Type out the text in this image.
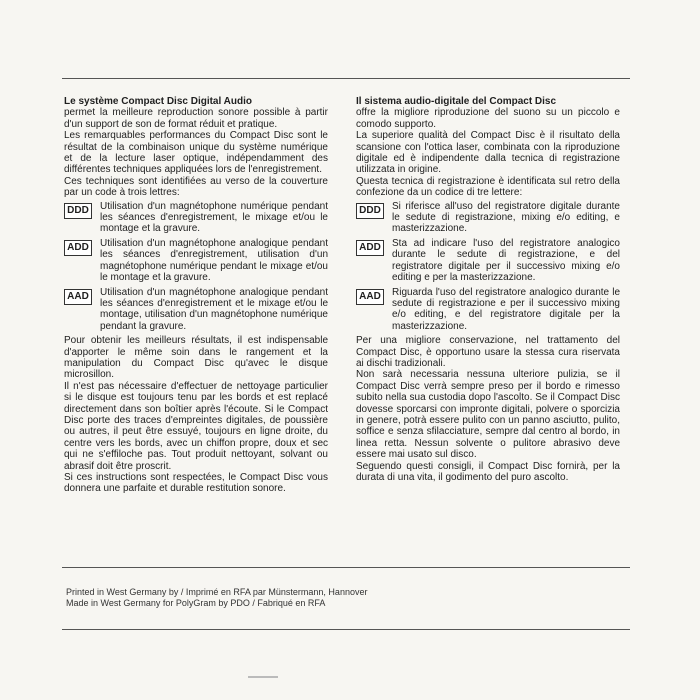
Le système Compact Disc Digital Audio

permet la meilleure reproduction sonore possible à partir d'un support de son de format réduit et pratique.

Les remarquables performances du Compact Disc sont le résultat de la combinaison unique du système numérique et de la lecture laser optique, indépendamment des différentes techniques appliquées lors de l'enregistrement.

Ces techniques sont identifiées au verso de la couverture par un code à trois lettres:

DDD	Utilisation d'un magnétophone numérique pendant les séances d'enregistrement, le mixage et/ou le montage et la gravure.
ADD	Utilisation d'un magnétophone analogique pendant les séances d'enregistrement, utilisation d'un magnétophone numérique pendant le mixage et/ou le montage et la gravure.
AAD	Utilisation d'un magnétophone analogique pendant les séances d'enregistrement et le mixage et/ou le montage, utilisation d'un magnétophone numérique pendant la gravure.

Pour obtenir les meilleurs résultats, il est indispensable d'apporter le même soin dans le rangement et la manipulation du Compact Disc qu'avec le disque microsillon.

Il n'est pas nécessaire d'effectuer de nettoyage particulier si le disque est toujours tenu par les bords et est replacé directement dans son boîtier après l'écoute. Si le Compact Disc porte des traces d'empreintes digitales, de poussière ou autres, il peut être essuyé, toujours en ligne droite, du centre vers les bords, avec un chiffon propre, doux et sec qui ne s'effiloche pas. Tout produit nettoyant, solvant ou abrasif doit être proscrit.

Si ces instructions sont respectées, le Compact Disc vous donnera une parfaite et durable restitution sonore.

Il sistema audio-digitale del Compact Disc

offre la migliore riproduzione del suono su un piccolo e comodo supporto.

La superiore qualità del Compact Disc è il risultato della scansione con l'ottica laser, combinata con la riproduzione digitale ed è indipendente dalla tecnica di registrazione utilizzata in origine.

Questa tecnica di registrazione è identificata sul retro della confezione da un codice di tre lettere:

DDD	Si riferisce all'uso del registratore digitale durante le sedute di registrazione, mixing e/o editing, e masterizzazione.
ADD	Sta ad indicare l'uso del registratore analogico durante le sedute di registrazione, e del registratore digitale per il successivo mixing e/o editing e per la masterizzazione.
AAD	Riguarda l'uso del registratore analogico durante le sedute di registrazione e per il successivo mixing e/o editing, e del registratore digitale per la masterizzazione.

Per una migliore conservazione, nel trattamento del Compact Disc, è opportuno usare la stessa cura riservata ai dischi tradizionali.

Non sarà necessaria nessuna ulteriore pulizia, se il Compact Disc verrà sempre preso per il bordo e rimesso subito nella sua custodia dopo l'ascolto. Se il Compact Disc dovesse sporcarsi con impronte digitali, polvere o sporcizia in genere, potrà essere pulito con un panno asciutto, pulito, soffice e senza sfilacciature, sempre dal centro al bordo, in linea retta. Nessun solvente o pulitore abrasivo deve essere mai usato sul disco.

Seguendo questi consigli, il Compact Disc fornirà, per la durata di una vita, il godimento del puro ascolto.

Printed in West Germany by / Imprimé en RFA par Münstermann, Hannover
Made in West Germany for PolyGram by PDO / Fabriqué en RFA
